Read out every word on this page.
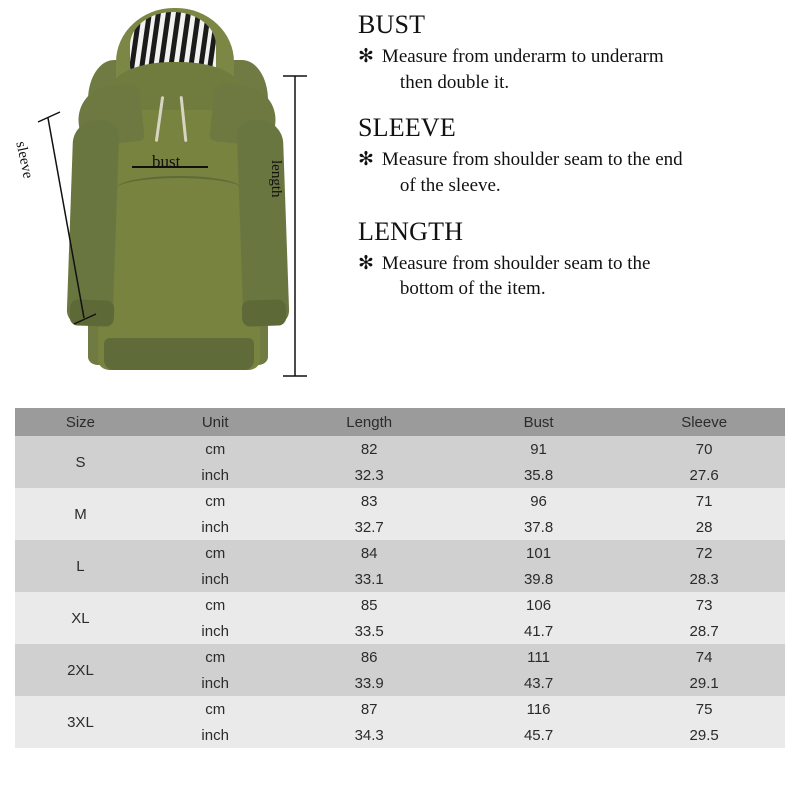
bust
sleeve	length
BUST
✻ Measure from underarm to underarm
then double it.
SLEEVE
✻ Measure from shoulder seam to the end
of the sleeve.
LENGTH
✻ Measure from shoulder seam to the
bottom of the item.
Size	Unit	Length	Bust	Sleeve
S	cm	82	91	70
	inch	32.3	35.8	27.6
M	cm	83	96	71
	inch	32.7	37.8	28
L	cm	84	101	72
	inch	33.1	39.8	28.3
XL	cm	85	106	73
	inch	33.5	41.7	28.7
2XL	cm	86	111	74
	inch	33.9	43.7	29.1
3XL	cm	87	116	75
	inch	34.3	45.7	29.5
